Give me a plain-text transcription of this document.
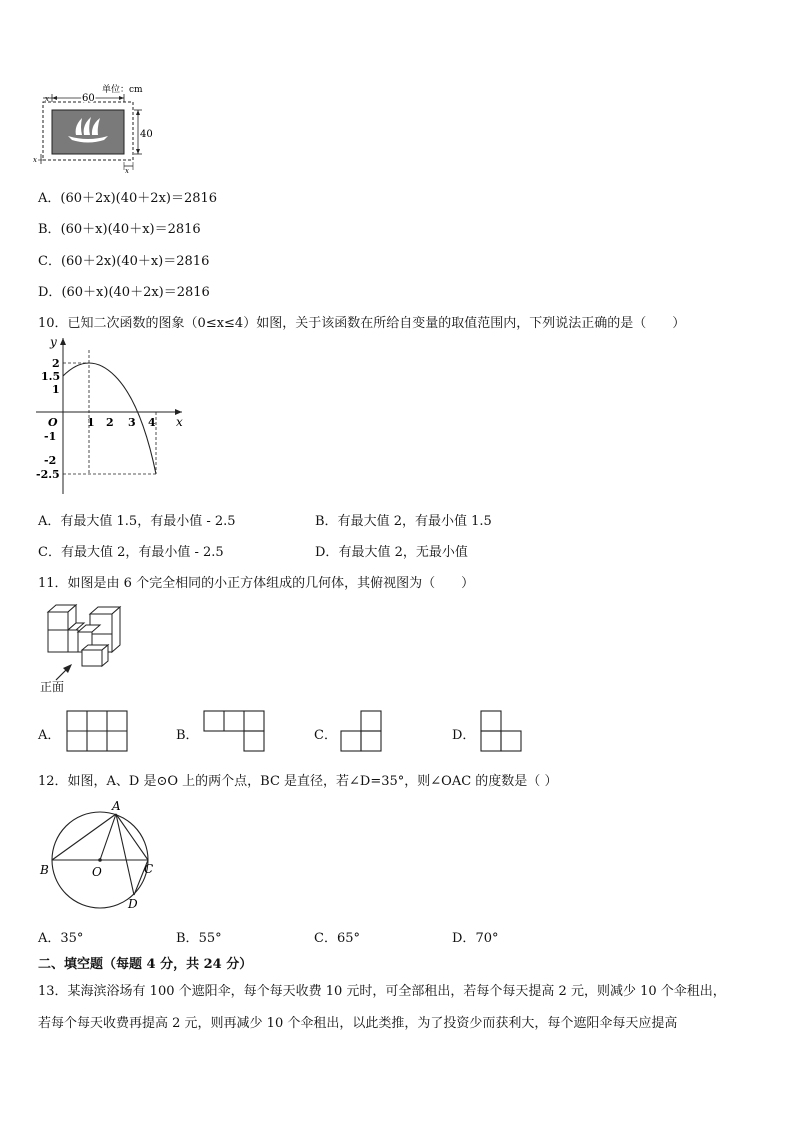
单位：cm
60
40
x
x
x
A．(60＋2x)(40＋2x)＝2816
B．(60＋x)(40＋x)＝2816
C．(60＋2x)(40＋x)＝2816
D．(60＋x)(40＋2x)＝2816
10．已知二次函数的图象（0≤x≤4）如图，关于该函数在所给自变量的取值范围内，下列说法正确的是（　　）
y
x
O	1 2 3 4
2
1.5
1
-1
-2
-2.5
A．有最大值 1.5，有最小值 - 2.5	B．有最大值 2，有最小值 1.5
C．有最大值 2，有最小值 - 2.5	D．有最大值 2，无最小值
11．如图是由 6 个完全相同的小正方体组成的几何体，其俯视图为（　　）
正面
A．	B．	C．	D．
12．如图，A、D 是⊙O 上的两个点，BC 是直径，若∠D=35°，则∠OAC 的度数是（ ）
A
B	O	C
D
A．35°	B．55°	C．65°	D．70°
二、填空题（每题 4 分，共 24 分）
13．某海滨浴场有 100 个遮阳伞，每个每天收费 10 元时，可全部租出，若每个每天提高 2 元，则减少 10 个伞租出，
若每个每天收费再提高 2 元，则再减少 10 个伞租出，以此类推，为了投资少而获利大，每个遮阳伞每天应提高
